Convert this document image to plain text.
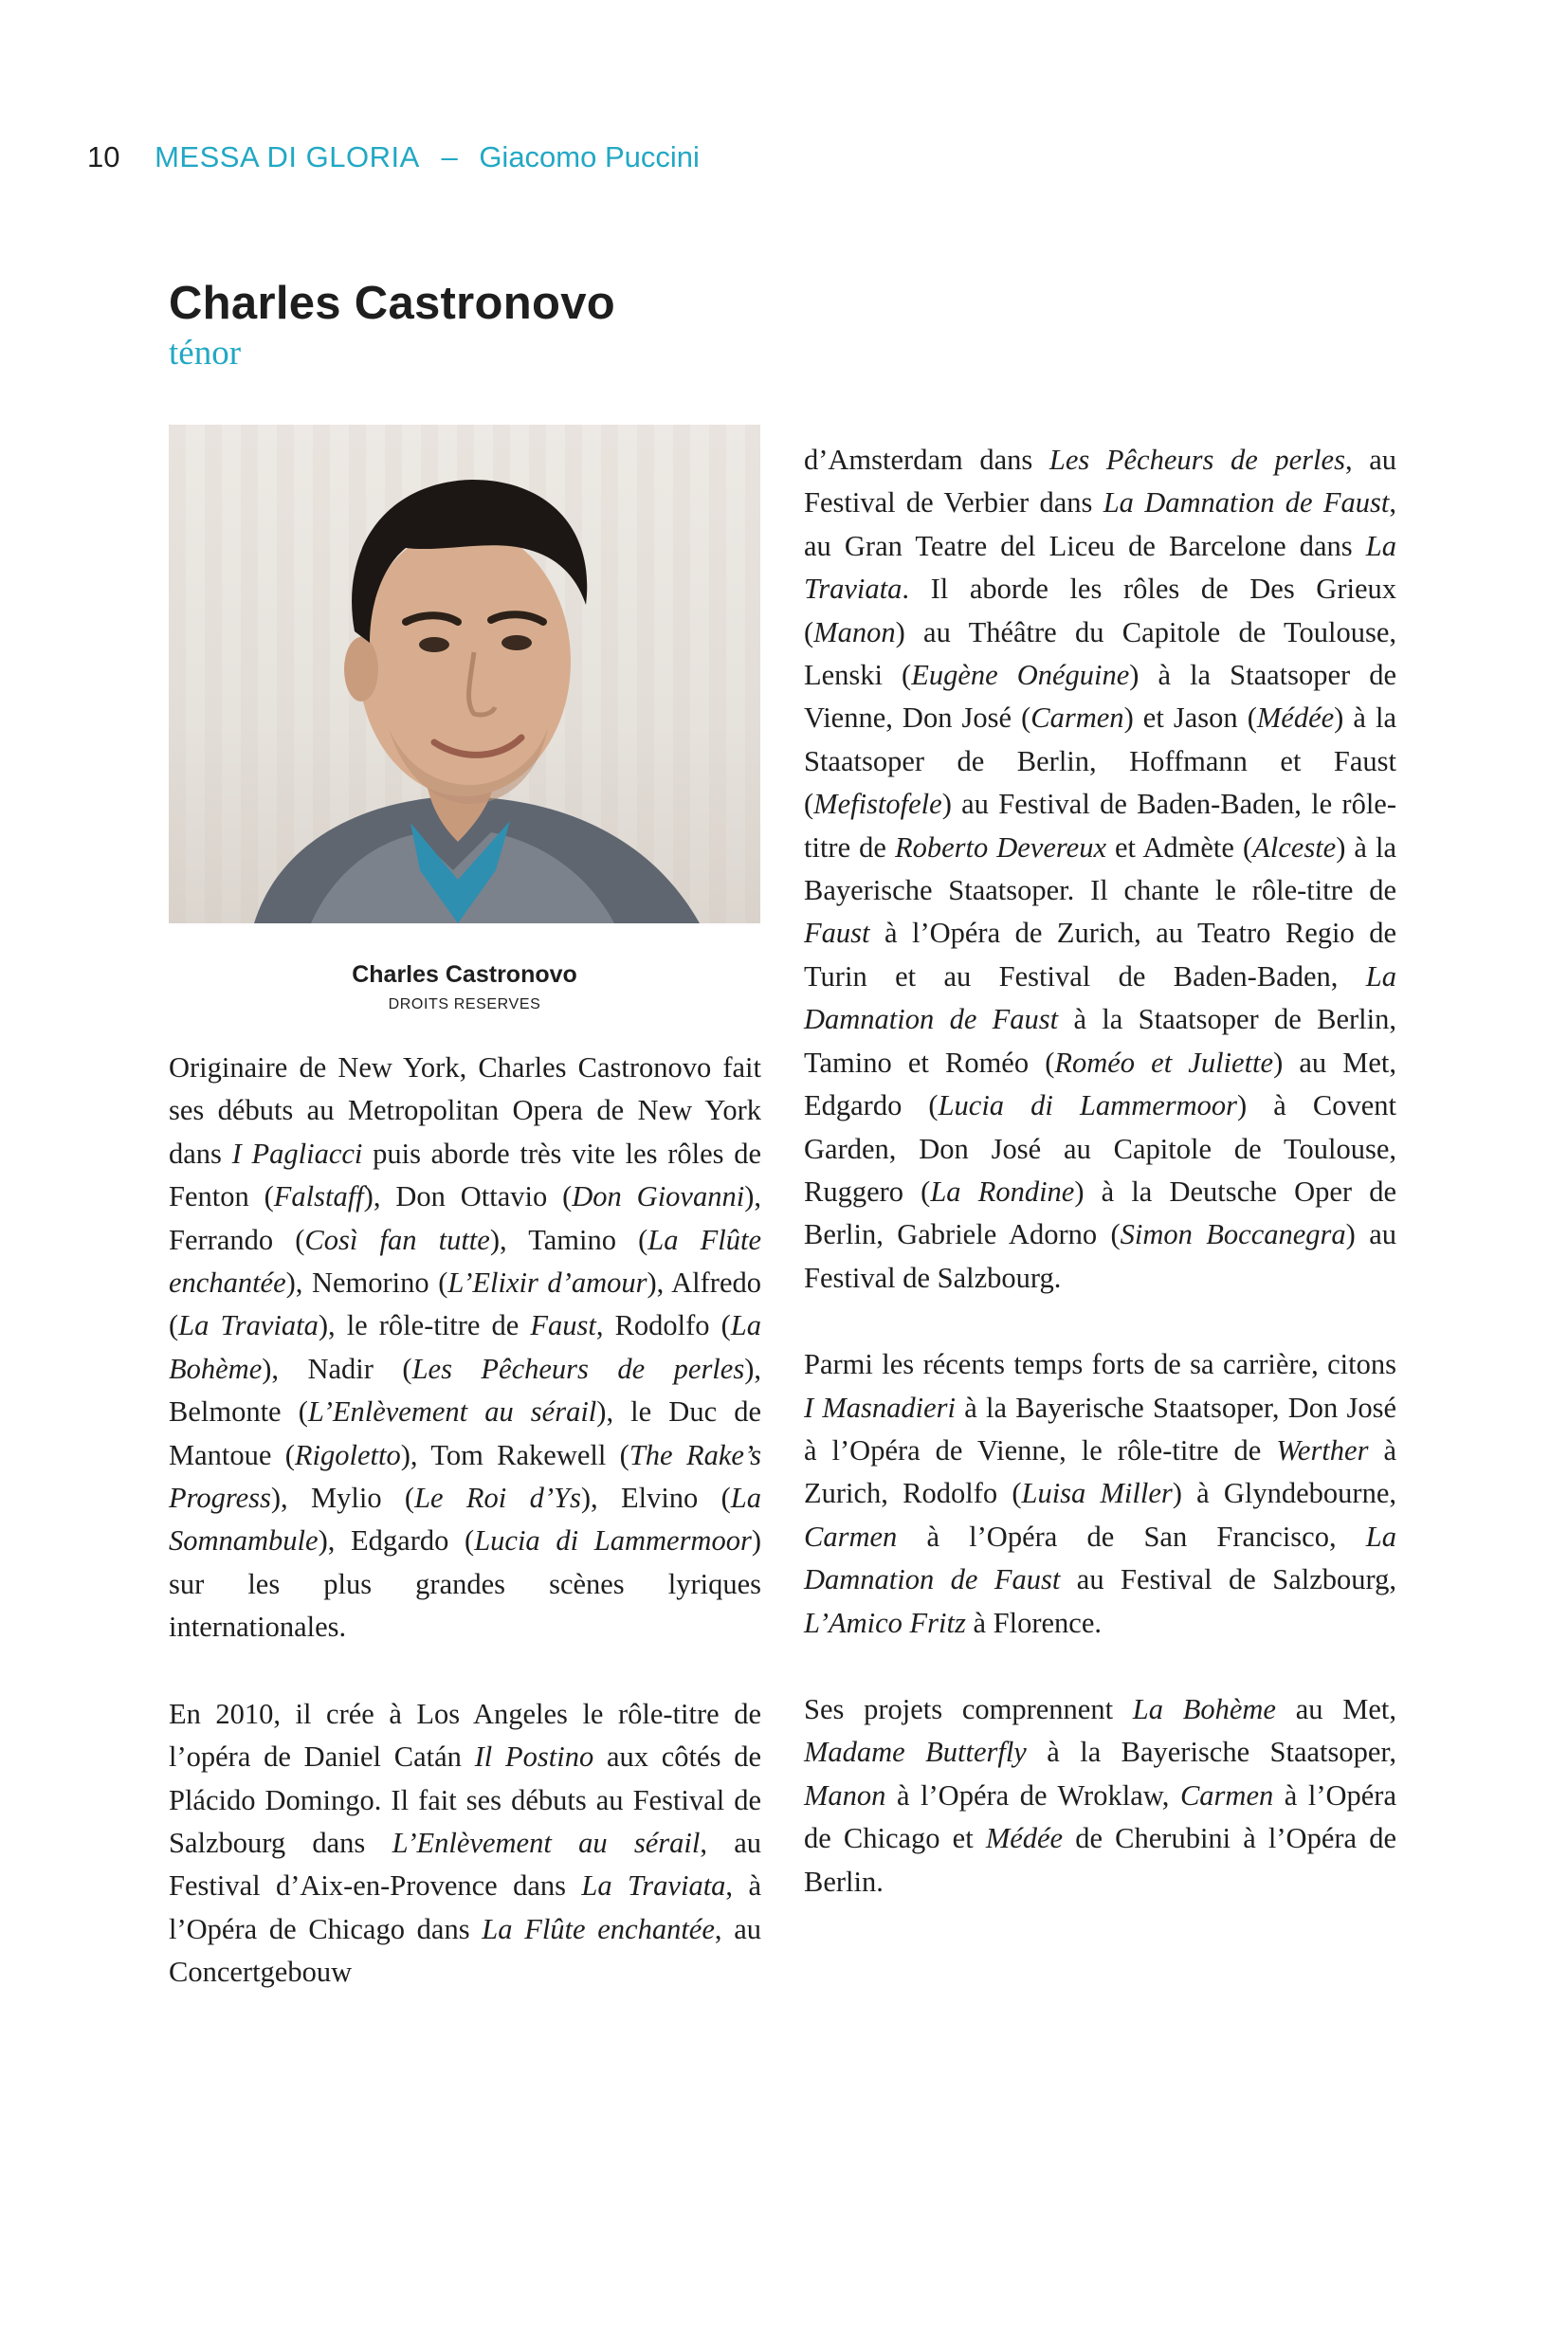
10 MESSA DI GLORIA – Giacomo Puccini
Charles Castronovo
ténor
Charles Castronovo
DROITS RESERVES

Originaire de New York, Charles Castronovo fait ses débuts au Metropolitan Opera de New York dans I Pagliacci puis aborde très vite les rôles de Fenton (Falstaff), Don Ottavio (Don Giovanni), Ferrando (Così fan tutte), Tamino (La Flûte enchantée), Nemorino (L’Elixir d’amour), Alfredo (La Traviata), le rôle-titre de Faust, Rodolfo (La Bohème), Nadir (Les Pêcheurs de perles), Belmonte (L’Enlèvement au sérail), le Duc de Mantoue (Rigoletto), Tom Rakewell (The Rake’s Progress), Mylio (Le Roi d’Ys), Elvino (La Somnambule), Edgardo (Lucia di Lammermoor) sur les plus grandes scènes lyriques internationales.

En 2010, il crée à Los Angeles le rôle-titre de l’opéra de Daniel Catán Il Postino aux côtés de Plácido Domingo. Il fait ses débuts au Festival de Salzbourg dans L’Enlèvement au sérail, au Festival d’Aix-en-Provence dans La Traviata, à l’Opéra de Chicago dans La Flûte enchantée, au Concertgebouw

d’Amsterdam dans Les Pêcheurs de perles, au Festival de Verbier dans La Damnation de Faust, au Gran Teatre del Liceu de Barcelone dans La Traviata. Il aborde les rôles de Des Grieux (Manon) au Théâtre du Capitole de Toulouse, Lenski (Eugène Onéguine) à la Staatsoper de Vienne, Don José (Carmen) et Jason (Médée) à la Staatsoper de Berlin, Hoffmann et Faust (Mefistofele) au Festival de Baden-Baden, le rôle-titre de Roberto Devereux et Admète (Alceste) à la Bayerische Staatsoper. Il chante le rôle-titre de Faust à l’Opéra de Zurich, au Teatro Regio de Turin et au Festival de Baden-Baden, La Damnation de Faust à la Staatsoper de Berlin, Tamino et Roméo (Roméo et Juliette) au Met, Edgardo (Lucia di Lammermoor) à Covent Garden, Don José au Capitole de Toulouse, Ruggero (La Rondine) à la Deutsche Oper de Berlin, Gabriele Adorno (Simon Boccanegra) au Festival de Salzbourg.

Parmi les récents temps forts de sa carrière, citons I Masnadieri à la Bayerische Staatsoper, Don José à l’Opéra de Vienne, le rôle-titre de Werther à Zurich, Rodolfo (Luisa Miller) à Glyndebourne, Carmen à l’Opéra de San Francisco, La Damnation de Faust au Festival de Salzbourg, L’Amico Fritz à Florence.

Ses projets comprennent La Bohème au Met, Madame Butterfly à la Bayerische Staatsoper, Manon à l’Opéra de Wroklaw, Carmen à l’Opéra de Chicago et Médée de Cherubini à l’Opéra de Berlin.
